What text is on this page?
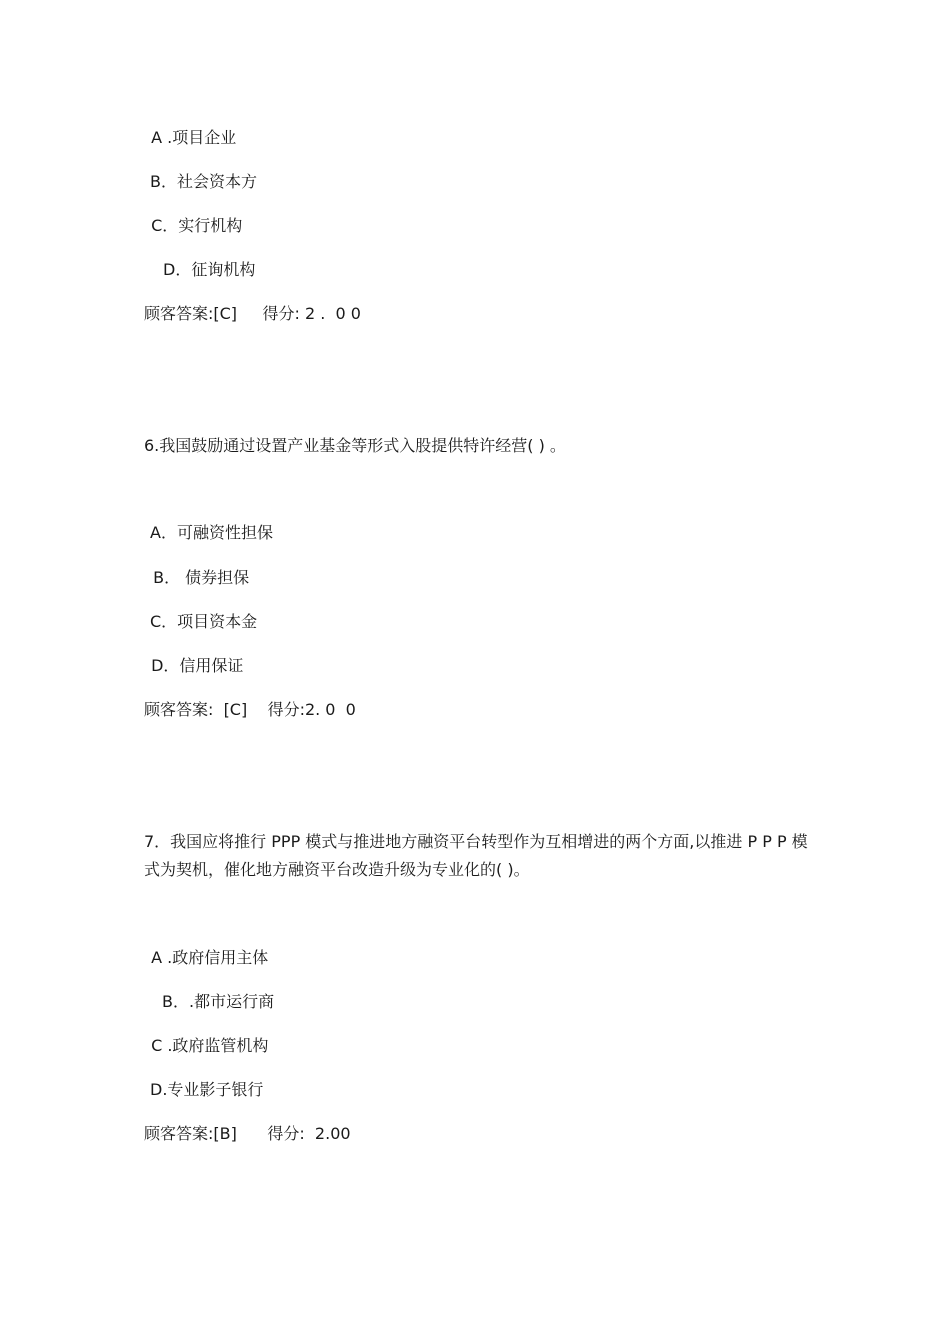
A .项目企业
B．社会资本方
C．实行机构
D．征询机构
顾客答案:[C]     得分: 2 .  0 0
6.我国鼓励通过设置产业基金等形式入股提供特许经营( ) 。
A．可融资性担保
B． 债券担保
C．项目资本金
D．信用保证
顾客答案:  [C]    得分:2. 0  0
7．我国应将推行 PPP 模式与推进地方融资平台转型作为互相增进的两个方面,以推进 P P P 模式为契机，催化地方融资平台改造升级为专业化的( )。
A .政府信用主体
B．.都市运行商
C .政府监管机构
D.专业影子银行
顾客答案:[B]      得分:  2.00
